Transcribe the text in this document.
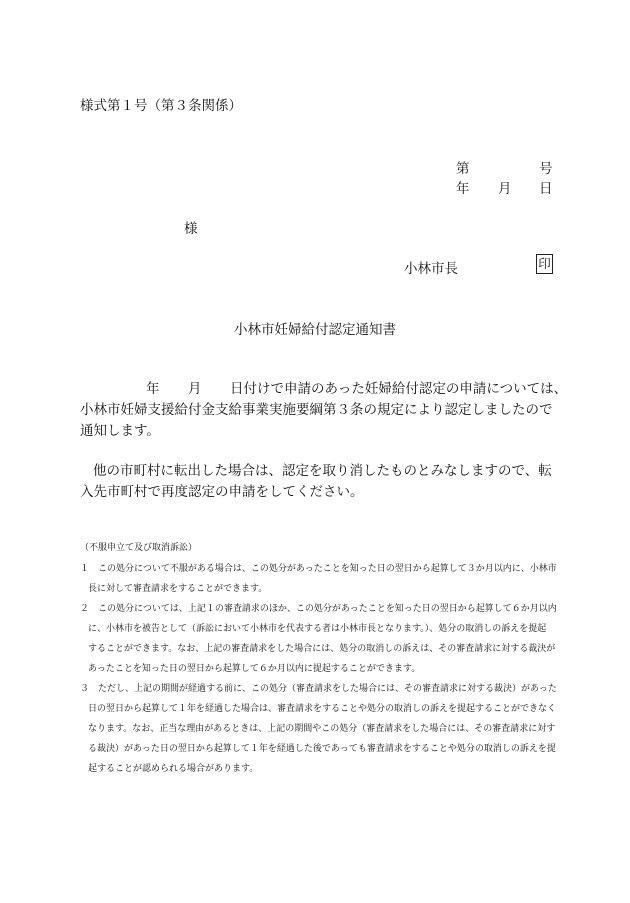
様式第１号（第３条関係）
第	号
年 月 日
様
小林市長	印
小林市妊婦給付認定通知書
年 月 日付けで申請のあった妊婦給付認定の申請については、
小林市妊婦支援給付金支給事業実施要綱第３条の規定により認定しましたので
通知します。
他の市町村に転出した場合は、認定を取り消したものとみなしますので、転
入先市町村で再度認定の申請をしてください。
（不服申立て及び取消訴訟）
１　この処分について不服がある場合は、この処分があったことを知った日の翌日から起算して３か月以内に、小林市
長に対して審査請求をすることができます。
２　この処分については、上記１の審査請求のほか、この処分があったことを知った日の翌日から起算して６か月以内
に、小林市を被告として（訴訟において小林市を代表する者は小林市長となります。）、処分の取消しの訴えを提起
することができます。なお、上記の審査請求をした場合には、処分の取消しの訴えは、その審査請求に対する裁決が
あったことを知った日の翌日から起算して６か月以内に提起することができます。
３　ただし、上記の期間が経過する前に、この処分（審査請求をした場合には、その審査請求に対する裁決）があった
日の翌日から起算して１年を経過した場合は、審査請求をすることや処分の取消しの訴えを提起することができなく
なります。なお、正当な理由があるときは、上記の期間やこの処分（審査請求をした場合には、その審査請求に対す
る裁決）があった日の翌日から起算して１年を経過した後であっても審査請求をすることや処分の取消しの訴えを提
起することが認められる場合があります。
